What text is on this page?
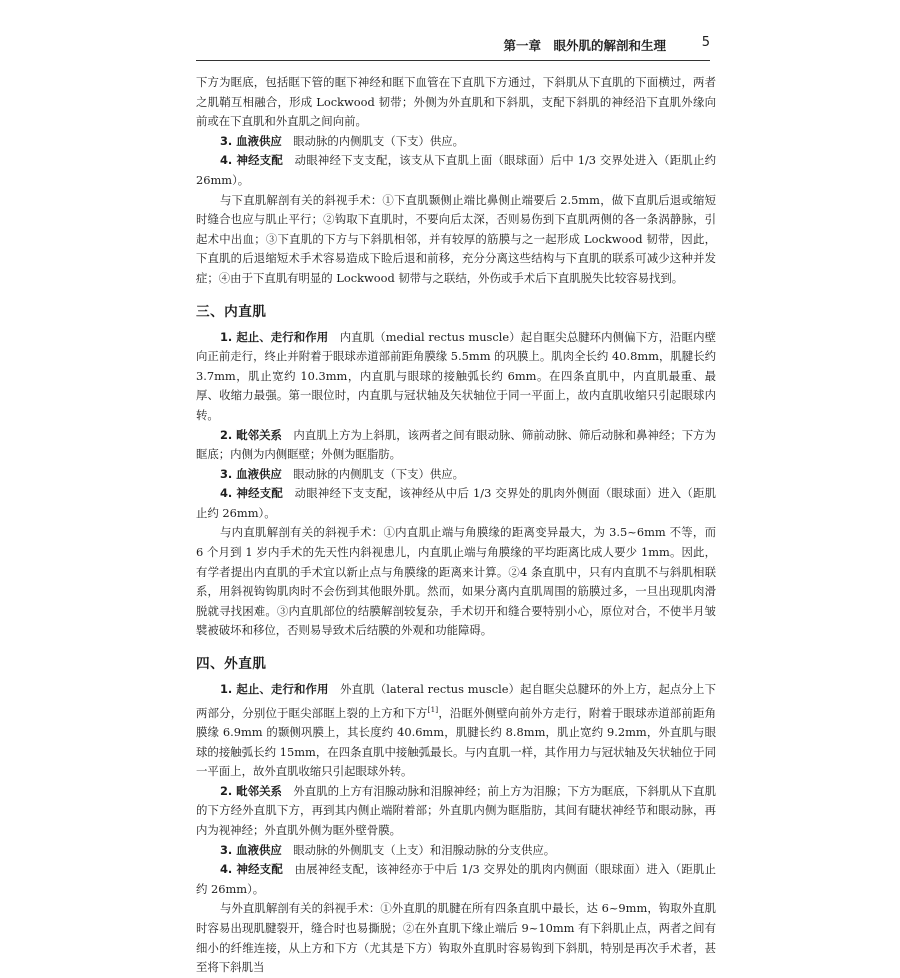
第一章　眼外肌的解剖和生理	5

下方为眶底，包括眶下管的眶下神经和眶下血管在下直肌下方通过，下斜肌从下直肌的下面横过，两者之肌鞘互相融合，形成 Lockwood 韧带；外侧为外直肌和下斜肌，支配下斜肌的神经沿下直肌外缘向前或在下直肌和外直肌之间向前。

3. 血液供应　 眼动脉的内侧肌支（下支）供应。

4. 神经支配　 动眼神经下支支配，该支从下直肌上面（眼球面）后中 1/3 交界处进入（距肌止约 26mm）。

与下直肌解剖有关的斜视手术：①下直肌颞侧止端比鼻侧止端要后 2.5mm，做下直肌后退或缩短时缝合也应与肌止平行；②钩取下直肌时，不要向后太深，否则易伤到下直肌两侧的各一条涡静脉，引起术中出血；③下直肌的下方与下斜肌相邻，并有较厚的筋膜与之一起形成 Lockwood 韧带，因此，下直肌的后退缩短术手术容易造成下睑后退和前移，充分分离这些结构与下直肌的联系可减少这种并发症；④由于下直肌有明显的 Lockwood 韧带与之联结，外伤或手术后下直肌脱失比较容易找到。

三、内直肌

1. 起止、走行和作用　 内直肌（medial rectus muscle）起自眶尖总腱环内侧偏下方，沿眶内壁向正前走行，终止并附着于眼球赤道部前距角膜缘 5.5mm 的巩膜上。肌肉全长约 40.8mm，肌腱长约 3.7mm，肌止宽约 10.3mm，内直肌与眼球的接触弧长约 6mm。在四条直肌中，内直肌最重、最厚、收缩力最强。第一眼位时，内直肌与冠状轴及矢状轴位于同一平面上，故内直肌收缩只引起眼球内转。

2. 毗邻关系　 内直肌上方为上斜肌，该两者之间有眼动脉、筛前动脉、筛后动脉和鼻神经；下方为眶底；内侧为内侧眶壁；外侧为眶脂肪。

3. 血液供应　 眼动脉的内侧肌支（下支）供应。

4. 神经支配　 动眼神经下支支配，该神经从中后 1/3 交界处的肌肉外侧面（眼球面）进入（距肌止约 26mm）。

与内直肌解剖有关的斜视手术：①内直肌止端与角膜缘的距离变异最大，为 3.5~6mm 不等，而 6 个月到 1 岁内手术的先天性内斜视患儿，内直肌止端与角膜缘的平均距离比成人要少 1mm。因此，有学者提出内直肌的手术宜以新止点与角膜缘的距离来计算。②4 条直肌中，只有内直肌不与斜肌相联系，用斜视钩钩肌肉时不会伤到其他眼外肌。然而，如果分离内直肌周围的筋膜过多，一旦出现肌肉滑脱就寻找困难。③内直肌部位的结膜解剖较复杂，手术切开和缝合要特别小心，原位对合，不使半月皱襞被破坏和移位，否则易导致术后结膜的外观和功能障碍。

四、外直肌

1. 起止、走行和作用　 外直肌（lateral rectus muscle）起自眶尖总腱环的外上方，起点分上下两部分，分别位于眶尖部眶上裂的上方和下方[1]，沿眶外侧壁向前外方走行，附着于眼球赤道部前距角膜缘 6.9mm 的颞侧巩膜上，其长度约 40.6mm，肌腱长约 8.8mm，肌止宽约 9.2mm，外直肌与眼球的接触弧长约 15mm，在四条直肌中接触弧最长。与内直肌一样，其作用力与冠状轴及矢状轴位于同一平面上，故外直肌收缩只引起眼球外转。

2. 毗邻关系　 外直肌的上方有泪腺动脉和泪腺神经；前上方为泪腺；下方为眶底，下斜肌从下直肌的下方经外直肌下方，再到其内侧止端附着部；外直肌内侧为眶脂肪，其间有睫状神经节和眼动脉，再内为视神经；外直肌外侧为眶外壁骨膜。

3. 血液供应　 眼动脉的外侧肌支（上支）和泪腺动脉的分支供应。

4. 神经支配　 由展神经支配，该神经亦于中后 1/3 交界处的肌肉内侧面（眼球面）进入（距肌止约 26mm）。

与外直肌解剖有关的斜视手术：①外直肌的肌腱在所有四条直肌中最长，达 6~9mm，钩取外直肌时容易出现肌腱裂开，缝合时也易撕脱；②在外直肌下缘止端后 9~10mm 有下斜肌止点，两者之间有细小的纤维连接，从上方和下方（尤其是下方）钩取外直肌时容易钩到下斜肌，特别是再次手术者，甚至将下斜肌当
